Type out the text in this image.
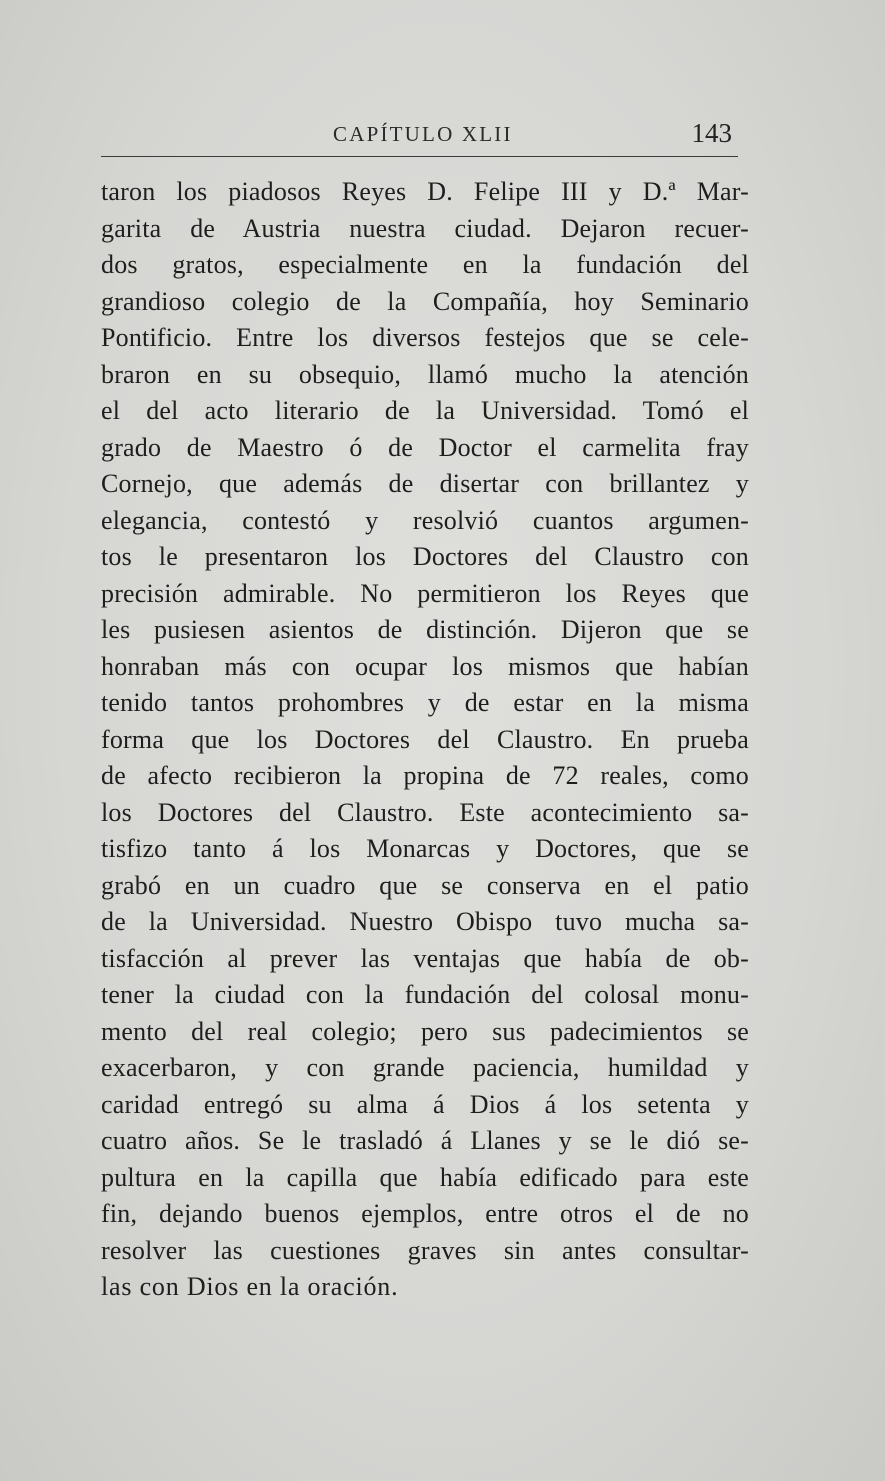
CAPÍTULO XLII	143
taron los piadosos Reyes D. Felipe III y D.ª Mar-
garita de Austria nuestra ciudad. Dejaron recuer-
dos gratos, especialmente en la fundación del
grandioso colegio de la Compañía, hoy Seminario
Pontificio. Entre los diversos festejos que se cele-
braron en su obsequio, llamó mucho la atención
el del acto literario de la Universidad. Tomó el
grado de Maestro ó de Doctor el carmelita fray
Cornejo, que además de disertar con brillantez y
elegancia, contestó y resolvió cuantos argumen-
tos le presentaron los Doctores del Claustro con
precisión admirable. No permitieron los Reyes que
les pusiesen asientos de distinción. Dijeron que se
honraban más con ocupar los mismos que habían
tenido tantos prohombres y de estar en la misma
forma que los Doctores del Claustro. En prueba
de afecto recibieron la propina de 72 reales, como
los Doctores del Claustro. Este acontecimiento sa-
tisfizo tanto á los Monarcas y Doctores, que se
grabó en un cuadro que se conserva en el patio
de la Universidad. Nuestro Obispo tuvo mucha sa-
tisfacción al prever las ventajas que había de ob-
tener la ciudad con la fundación del colosal monu-
mento del real colegio; pero sus padecimientos se
exacerbaron, y con grande paciencia, humildad y
caridad entregó su alma á Dios á los setenta y
cuatro años. Se le trasladó á Llanes y se le dió se-
pultura en la capilla que había edificado para este
fin, dejando buenos ejemplos, entre otros el de no
resolver las cuestiones graves sin antes consultar-
las con Dios en la oración.
